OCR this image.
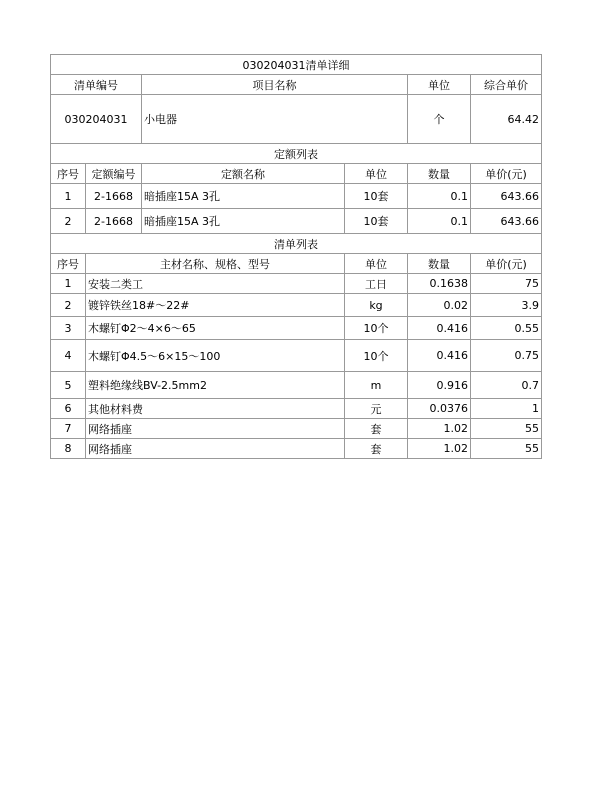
030204031清单详细						
清单编号		项目名称		单位	综合单价	
030204031		小电器		个	64.42	
定额列表						
序号	定额编号	定额名称	单位	数量	单价(元)	
1	2-1668	暗插座15A 3孔	10套	0.1	643.66	
2	2-1668	暗插座15A 3孔	10套	0.1	643.66	
清单列表						
序号	主材名称、规格、型号		单位	数量	单价(元)	
1	安装二类工		工日	0.1638	75	
2	镀锌铁丝18#～22#		kg	0.02	3.9	
3	木螺钉Φ2～4×6～65		10个	0.416	0.55	
4	木螺钉Φ4.5～6×15～100		10个	0.416	0.75	
5	塑料绝缘线BV-2.5mm2		m	0.916	0.7	
6	其他材料费		元	0.0376	1	
7	网络插座		套	1.02	55	
8	网络插座		套	1.02	55	
